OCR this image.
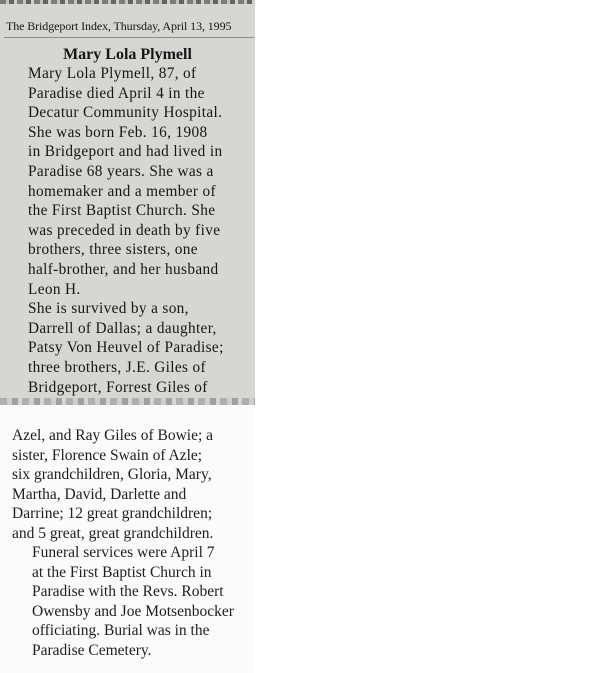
The Bridgeport Index, Thursday, April 13, 1995
Mary Lola Plymell

Mary Lola Plymell, 87, of
Paradise died April 4 in the
Decatur Community Hospital.

She was born Feb. 16, 1908
in Bridgeport and had lived in
Paradise 68 years. She was a
homemaker and a member of
the First Baptist Church. She
was preceded in death by five
brothers, three sisters, one
half-brother, and her husband
Leon H.

She is survived by a son,
Darrell of Dallas; a daughter,
Patsy Von Heuvel of Paradise;
three brothers, J.E. Giles of
Bridgeport, Forrest Giles of

Azel, and Ray Giles of Bowie; a
sister, Florence Swain of Azle;
six grandchildren, Gloria, Mary,
Martha, David, Darlette and
Darrine; 12 great grandchildren;
and 5 great, great grandchildren.

Funeral services were April 7
at the First Baptist Church in
Paradise with the Revs. Robert
Owensby and Joe Motsenbocker
officiating. Burial was in the
Paradise Cemetery.
